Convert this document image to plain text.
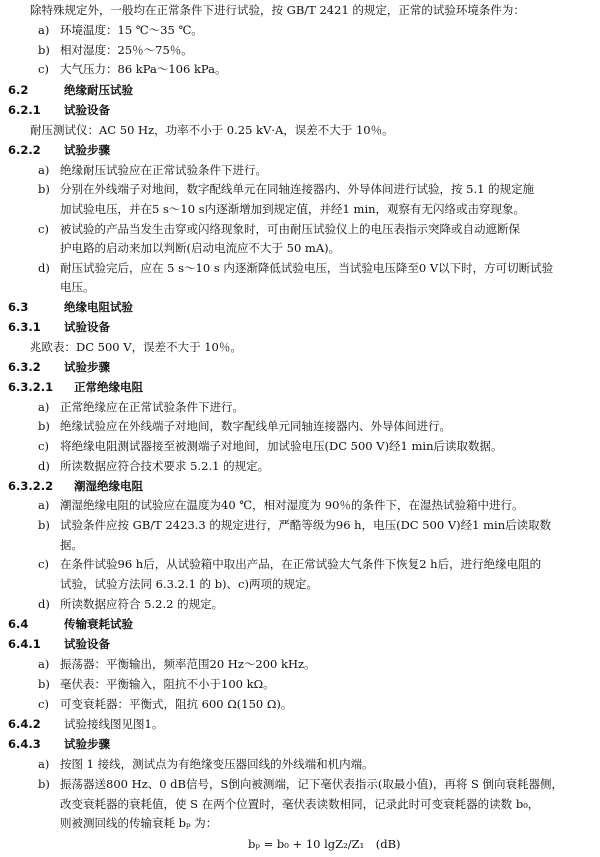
除特殊规定外，一般均在正常条件下进行试验，按 GB/T 2421 的规定，正常的试验环境条件为：
a) 环境温度：15 ℃～35 ℃。
b) 相对湿度：25％～75％。
c) 大气压力：86 kPa～106 kPa。
6.2	绝缘耐压试验
6.2.1 试验设备
耐压测试仪：AC 50 Hz，功率不小于 0.25 kV·A，误差不大于 10％。
6.2.2 试验步骤
a) 绝缘耐压试验应在正常试验条件下进行。
b) 分别在外线端子对地间，数字配线单元在同轴连接器内、外导体间进行试验，按 5.1 的规定施
加试验电压，并在5 s～10 s内逐渐增加到规定值，并经1 min，观察有无闪络或击穿现象。
c) 被试验的产品当发生击穿或闪络现象时，可由耐压试验仪上的电压表指示突降或自动遮断保
护电路的启动来加以判断(启动电流应不大于 50 mA)。
d) 耐压试验完后，应在 5 s～10 s 内逐渐降低试验电压，当试验电压降至0 V以下时，方可切断试验
电压。
6.3	绝缘电阻试验
6.3.1 试验设备
兆欧表：DC 500 V，误差不大于 10％。
6.3.2 试验步骤
6.3.2.1 正常绝缘电阻
a) 正常绝缘应在正常试验条件下进行。
b) 绝缘试验应在外线端子对地间，数字配线单元同轴连接器内、外导体间进行。
c) 将绝缘电阻测试器接至被测端子对地间，加试验电压(DC 500 V)经1 min后读取数据。
d) 所读数据应符合技术要求 5.2.1 的规定。
6.3.2.2 潮湿绝缘电阻
a) 潮湿绝缘电阻的试验应在温度为40 ℃，相对湿度为 90％的条件下，在湿热试验箱中进行。
b) 试验条件应按 GB/T 2423.3 的规定进行，严酷等级为96 h，电压(DC 500 V)经1 min后读取数
据。
c) 在条件试验96 h后，从试验箱中取出产品，在正常试验大气条件下恢复2 h后，进行绝缘电阻的
试验，试验方法同 6.3.2.1 的 b)、c)两项的规定。
d) 所读数据应符合 5.2.2 的规定。
6.4	传输衰耗试验
6.4.1 试验设备
a) 振荡器：平衡输出，频率范围20 Hz～200 kHz。
b) 毫伏表：平衡输入，阻抗不小于100 kΩ。
c) 可变衰耗器：平衡式，阻抗 600 Ω(150 Ω)。
6.4.2 试验接线图见图1。
6.4.3 试验步骤
a) 按图 1 接线，测试点为有绝缘变压器回线的外线端和机内端。
b) 振荡器送800 Hz、0 dB信号，S倒向被测端，记下毫伏表指示(取最小值)，再将 S 倒向衰耗器侧，
改变衰耗器的衰耗值，使 S 在两个位置时，毫伏表读数相同，记录此时可变衰耗器的读数 b₀，
则被测回线的传输衰耗 bₚ 为：
bₚ = b₀ + 10 lgZ₂/Z₁　(dB)
